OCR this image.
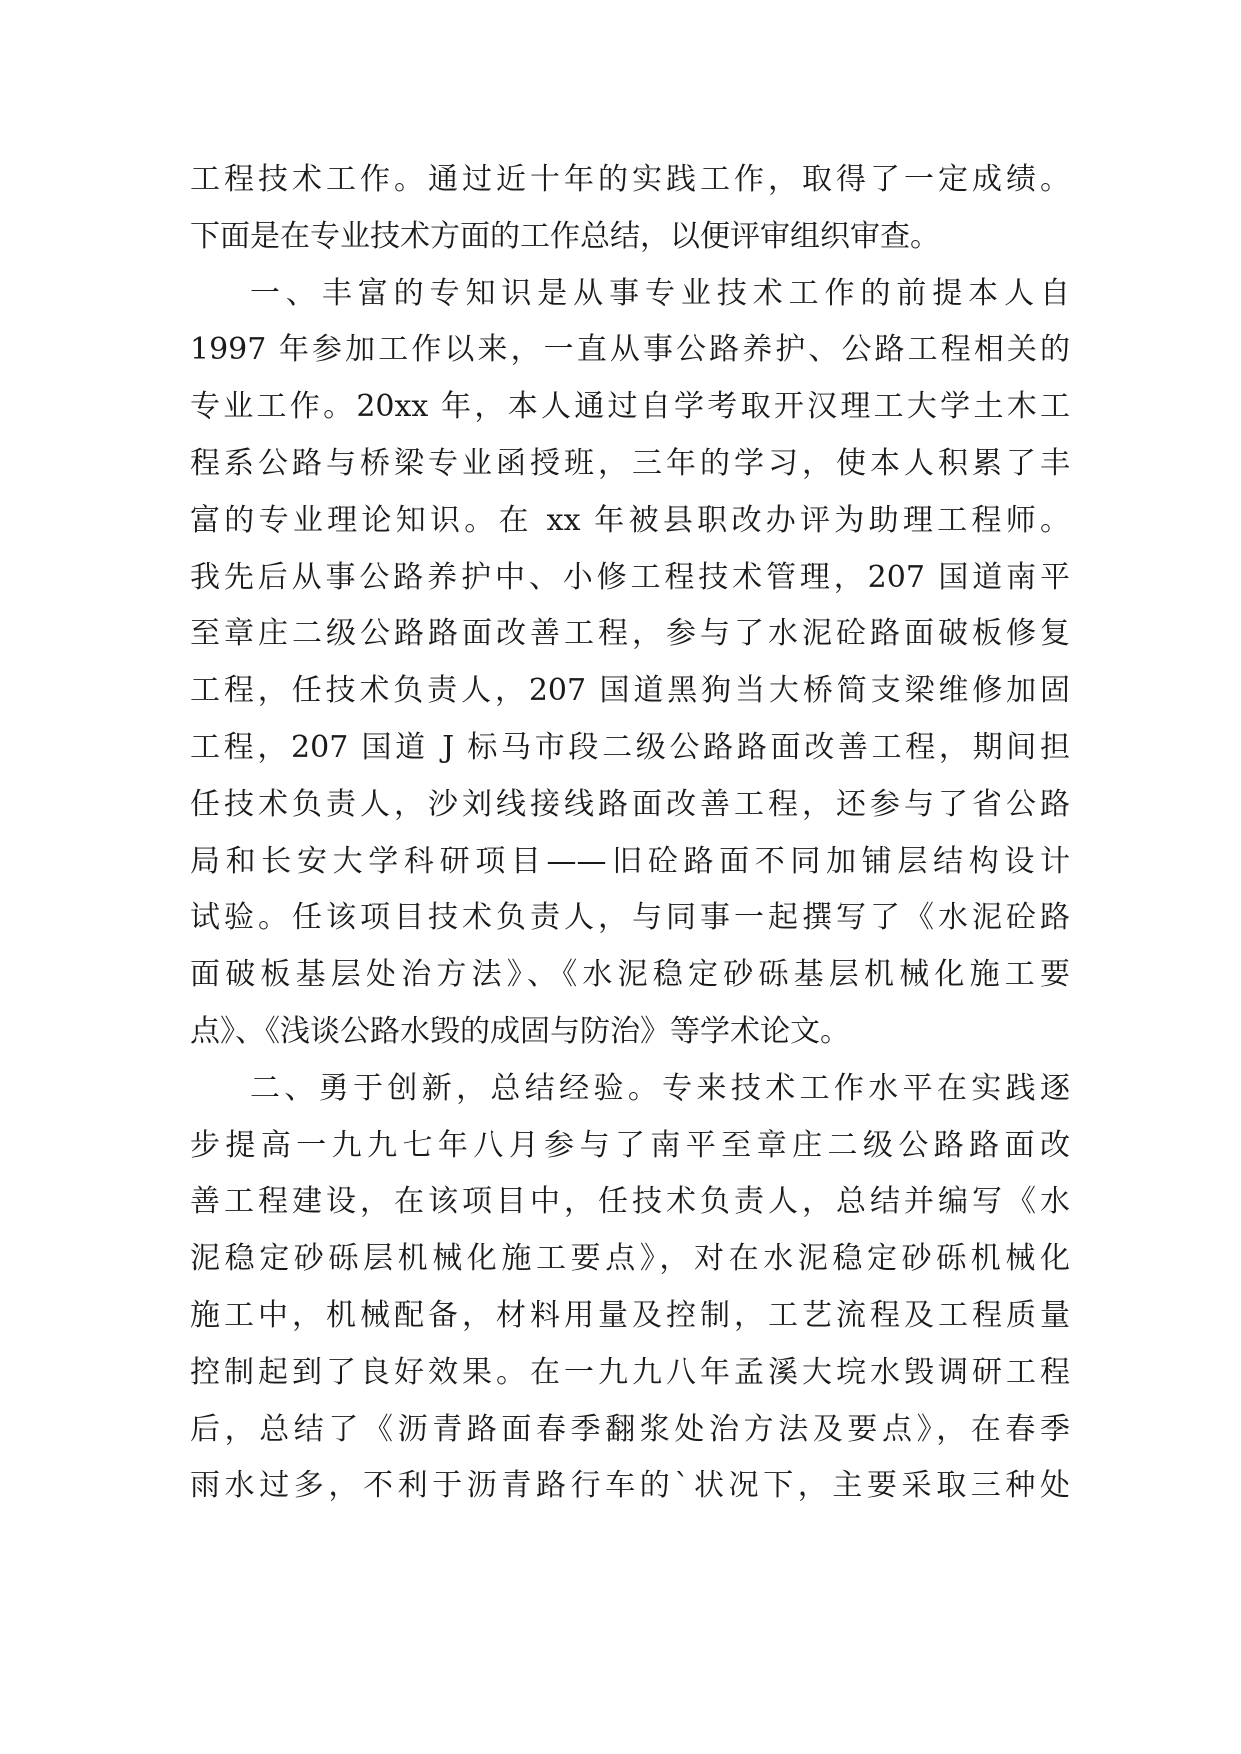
工程技术工作。通过近十年的实践工作，取得了一定成绩。
下面是在专业技术方面的工作总结，以便评审组织审查。
一、丰富的专知识是从事专业技术工作的前提本人自
1997 年参加工作以来，一直从事公路养护、公路工程相关的
专业工作。20xx 年，本人通过自学考取开汉理工大学土木工
程系公路与桥梁专业函授班，三年的学习，使本人积累了丰
富的专业理论知识。在 xx 年被县职改办评为助理工程师。
我先后从事公路养护中、小修工程技术管理，207 国道南平
至章庄二级公路路面改善工程，参与了水泥砼路面破板修复
工程，任技术负责人，207 国道黑狗当大桥简支梁维修加固
工程，207 国道 J 标马市段二级公路路面改善工程，期间担
任技术负责人，沙刘线接线路面改善工程，还参与了省公路
局和长安大学科研项目——旧砼路面不同加铺层结构设计
试验。任该项目技术负责人，与同事一起撰写了《水泥砼路
面破板基层处治方法》、《水泥稳定砂砾基层机械化施工要
点》、《浅谈公路水毁的成固与防治》等学术论文。
二、勇于创新，总结经验。专来技术工作水平在实践逐
步提高一九九七年八月参与了南平至章庄二级公路路面改
善工程建设，在该项目中，任技术负责人，总结并编写《水
泥稳定砂砾层机械化施工要点》，对在水泥稳定砂砾机械化
施工中，机械配备，材料用量及控制，工艺流程及工程质量
控制起到了良好效果。在一九九八年孟溪大垸水毁调研工程
后，总结了《沥青路面春季翻浆处治方法及要点》，在春季
雨水过多，不利于沥青路行车的`状况下，主要采取三种处
